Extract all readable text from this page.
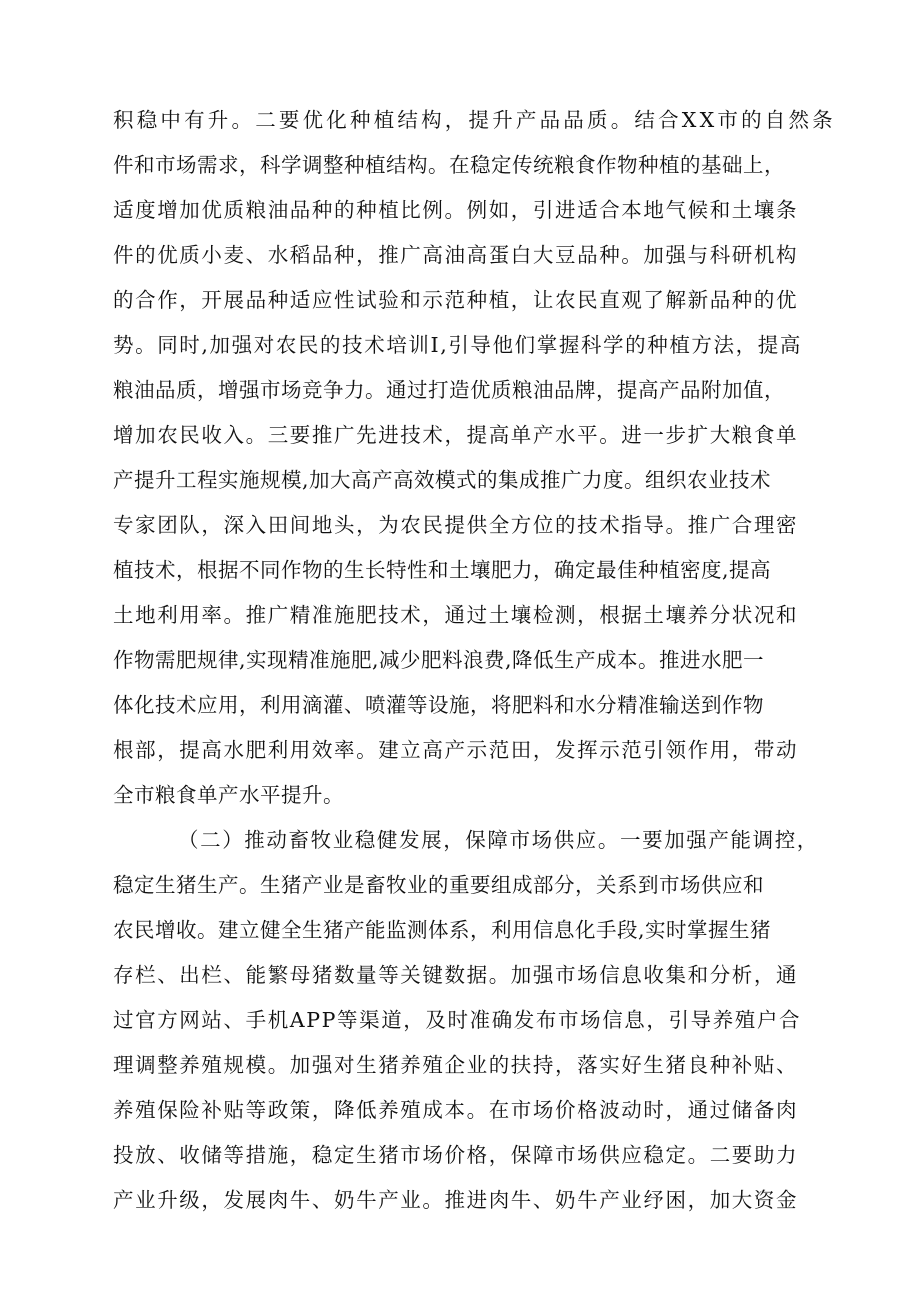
积稳中有升。二要优化种植结构，提升产品品质。结合XX市的自然条
件和市场需求，科学调整种植结构。在稳定传统粮食作物种植的基础上，
适度增加优质粮油品种的种植比例。例如，引进适合本地气候和土壤条
件的优质小麦、水稻品种，推广高油高蛋白大豆品种。加强与科研机构
的合作，开展品种适应性试验和示范种植，让农民直观了解新品种的优
势。同时,加强对农民的技术培训I,引导他们掌握科学的种植方法，提高
粮油品质，增强市场竞争力。通过打造优质粮油品牌，提高产品附加值，
增加农民收入。三要推广先进技术，提高单产水平。进一步扩大粮食单
产提升工程实施规模,加大高产高效模式的集成推广力度。组织农业技术
专家团队，深入田间地头，为农民提供全方位的技术指导。推广合理密
植技术，根据不同作物的生长特性和土壤肥力，确定最佳种植密度,提高
土地利用率。推广精准施肥技术，通过土壤检测，根据土壤养分状况和
作物需肥规律,实现精准施肥,减少肥料浪费,降低生产成本。推进水肥一
体化技术应用，利用滴灌、喷灌等设施，将肥料和水分精准输送到作物
根部，提高水肥利用效率。建立高产示范田，发挥示范引领作用，带动
全市粮食单产水平提升。
（二）推动畜牧业稳健发展，保障市场供应。一要加强产能调控，
稳定生猪生产。生猪产业是畜牧业的重要组成部分，关系到市场供应和
农民增收。建立健全生猪产能监测体系，利用信息化手段,实时掌握生猪
存栏、出栏、能繁母猪数量等关键数据。加强市场信息收集和分析，通
过官方网站、手机APP等渠道，及时准确发布市场信息，引导养殖户合
理调整养殖规模。加强对生猪养殖企业的扶持，落实好生猪良种补贴、
养殖保险补贴等政策，降低养殖成本。在市场价格波动时，通过储备肉
投放、收储等措施，稳定生猪市场价格，保障市场供应稳定。二要助力
产业升级，发展肉牛、奶牛产业。推进肉牛、奶牛产业纾困，加大资金
